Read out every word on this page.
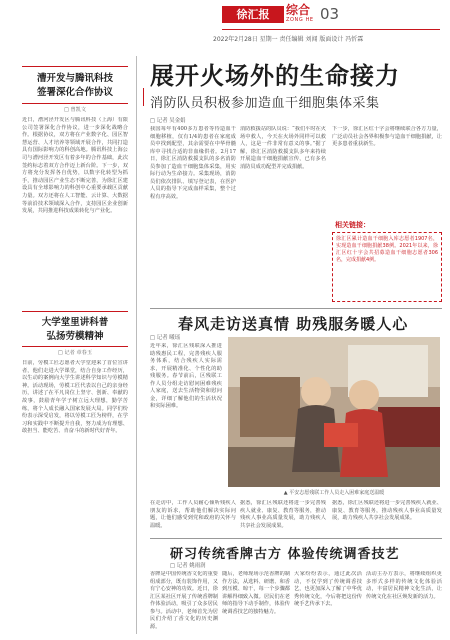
徐汇报	综合
ZONG HE 03
2022年2月28日 星期一 责任编辑 刘闻 版面设计 冯忻霖
漕开发与腾讯科技
签署深化合作协议
□ 曾凯文
近日，漕河泾开发区与腾讯科技（上海）有限公司签署深化合作协议，进一步深化战略合作。根据协议，双方将在产业数字化、园区智慧运营、人才培养等领域开展合作，共同打造具有国际影响力的科创高地。腾讯科技上海公司与漕河泾开发区有着多年的合作基础，此次签约标志着双方合作迈上新台阶。下一步，双方将充分发挥各自优势，以数字化转型为抓手，推动园区产业生态不断完善，为徐汇区建设具有全球影响力的科创中心重要承载区贡献力量。双方还将在人工智能、云计算、大数据等前沿技术领域深入合作，支持园区企业创新发展，共同推进科技成果转化与产业化。
大学堂里讲科普
弘扬劳模精神
□ 记者 章春玉
日前，劳模工匠志愿者大学堂迎来了首位宣讲者，他们走进大学课堂，结合自身工作经历，以生动的案例向大学生讲述科学知识与劳模精神。活动现场，劳模工匠代表以自己的亲身经历，讲述了在平凡岗位上坚守、创新、奉献的故事，鼓励青年学子树立远大理想，勤学苦练，将个人成长融入国家发展大局。同学们纷纷表示深受启发，将以劳模工匠为榜样，在学习和实践中不断提升自我，努力成为有理想、敢担当、能吃苦、肯奋斗的新时代好青年。
展开火场外的生命接力
消防队员积极参加造血干细胞集体采集
□ 记者 吴金娟
我国每年有400多万患者等待造血干细胞移植，仅有1/4的患者在家庭成员中找到配型，其余需要在中华骨髓库中寻找合适的非血缘供者。2月17日，徐汇区消防救援支队的多名消防员参加了造血干细胞集体采集，用实际行动为生命接力。采集现场，消防员们依次排队、填写登记表，在医护人员的指导下完成血样采集，整个过程有序高效。
消防救援站的队员说：“我们平时在火场中救人，今天在火场外同样可以救人，这是一件非常有意义的事。”据了解，徐汇区消防救援支队多年来持续开展造血干细胞捐献宣传，已有多名消防员成功配型并完成捐献。
下一步，徐汇区红十字会将继续联合各方力量，广泛动员社会各界积极参与造血干细胞捐献，让更多患者重获新生。
相关链接：
徐汇区累计造血干细胞入库志愿者1907名，实现造血干细胞捐献38例。2021年以来，徐汇区红十字会共招募造血干细胞志愿者306名，完成捐献4例。
春风走访送真情 助残服务暖人心
□ 记者 曦瑶
近年来，徐汇区残联深入推进助残惠民工程，完善残疾人服务体系，结合残疾人实际需求，开展精准化、个性化的助残服务。春节前后，区残联工作人员分组走访慰问困难残疾人家庭，送去生活物资和慰问金，详细了解他们的生活状况和实际困难。
▲ 平安志愿残联工作人员走入困难家庭送温暖
在走访中，工作人员耐心倾听残疾人朋友的诉求，帮助他们解决实际问题，让他们感受到党和政府的关怀与温暖。
据悉，徐汇区残联还将进一步完善残疾人就业、康复、教育等服务，推动残疾人事业高质量发展，助力残疾人共享社会发展成果。
据悉，徐汇区残联还将进一步完善残疾人就业、康复、教育等服务，推动残疾人事业高质量发展，助力残疾人共享社会发展成果。
研习传统香牌古方 体验传统调香技艺
□ 记者 姚雨润
香牌是中国传统香文化的重要组成部分，既有装饰作用，又有宁心安神的功效。近日，徐汇区某社区开展了传统香牌制作体验活动，吸引了众多居民参与。活动中，老师首先为居民们介绍了香文化的历史渊源。
随后，老师现场示范香牌的制作方法，从选料、研磨、和香到压模、晾干，每一个步骤都讲解得细致入微。居民们在老师的指导下动手制作，体验传统调香技艺的独特魅力。
大家纷纷表示，通过此次活动，不仅学到了传统调香技艺，也更加深入了解了中华优秀传统文化，今后将把这份传统手艺传承下去。
活动主办方表示，将继续组织更多形式多样的传统文化体验活动，丰富居民精神文化生活，让传统文化在社区焕发新的活力。
